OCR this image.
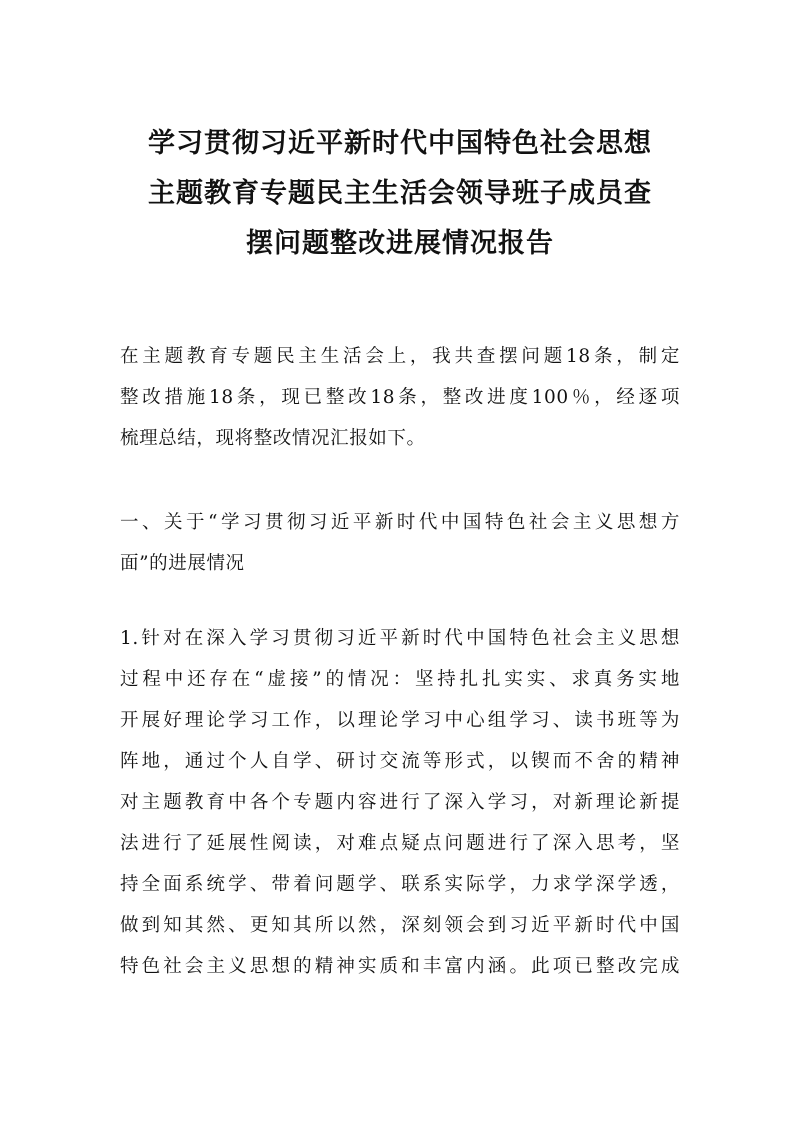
学习贯彻习近平新时代中国特色社会思想
主题教育专题民主生活会领导班子成员查
摆问题整改进展情况报告
在主题教育专题民主生活会上，我共查摆问题18条，制定
整改措施18条，现已整改18条，整改进度100％，经逐项
梳理总结，现将整改情况汇报如下。
一、关于“学习贯彻习近平新时代中国特色社会主义思想方
面”的进展情况
1.针对在深入学习贯彻习近平新时代中国特色社会主义思想
过程中还存在“虚接”的情况：坚持扎扎实实、求真务实地
开展好理论学习工作，以理论学习中心组学习、读书班等为
阵地，通过个人自学、研讨交流等形式，以锲而不舍的精神
对主题教育中各个专题内容进行了深入学习，对新理论新提
法进行了延展性阅读，对难点疑点问题进行了深入思考，坚
持全面系统学、带着问题学、联系实际学，力求学深学透，
做到知其然、更知其所以然，深刻领会到习近平新时代中国
特色社会主义思想的精神实质和丰富内涵。此项已整改完成
